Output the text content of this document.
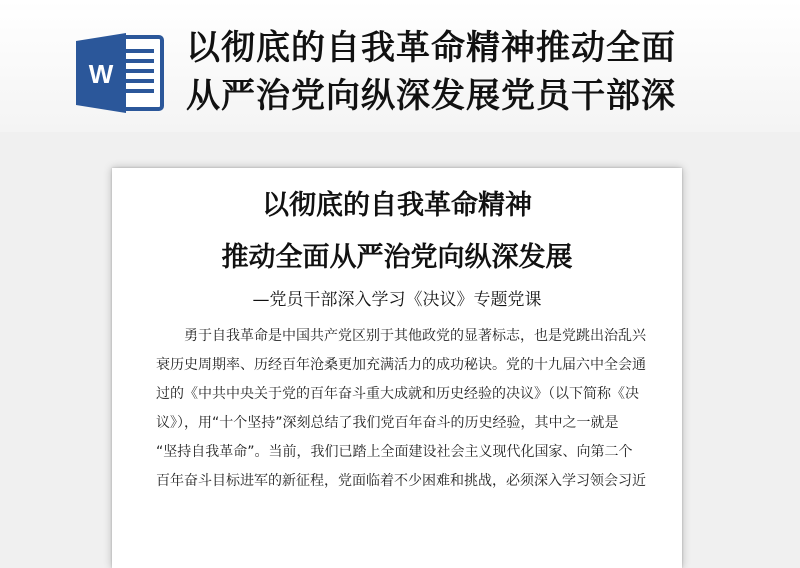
W
以彻底的自我革命精神推动全面
从严治党向纵深发展党员干部深
以彻底的自我革命精神
推动全面从严治党向纵深发展
—党员干部深入学习《决议》专题党课
勇于自我革命是中国共产党区别于其他政党的显著标志，也是党跳出治乱兴
衰历史周期率、历经百年沧桑更加充满活力的成功秘诀。党的十九届六中全会通
过的《中共中央关于党的百年奋斗重大成就和历史经验的决议》（以下简称《决
议》），用“十个坚持”深刻总结了我们党百年奋斗的历史经验，其中之一就是
“坚持自我革命”。当前，我们已踏上全面建设社会主义现代化国家、向第二个
百年奋斗目标进军的新征程，党面临着不少困难和挑战，必须深入学习领会习近
